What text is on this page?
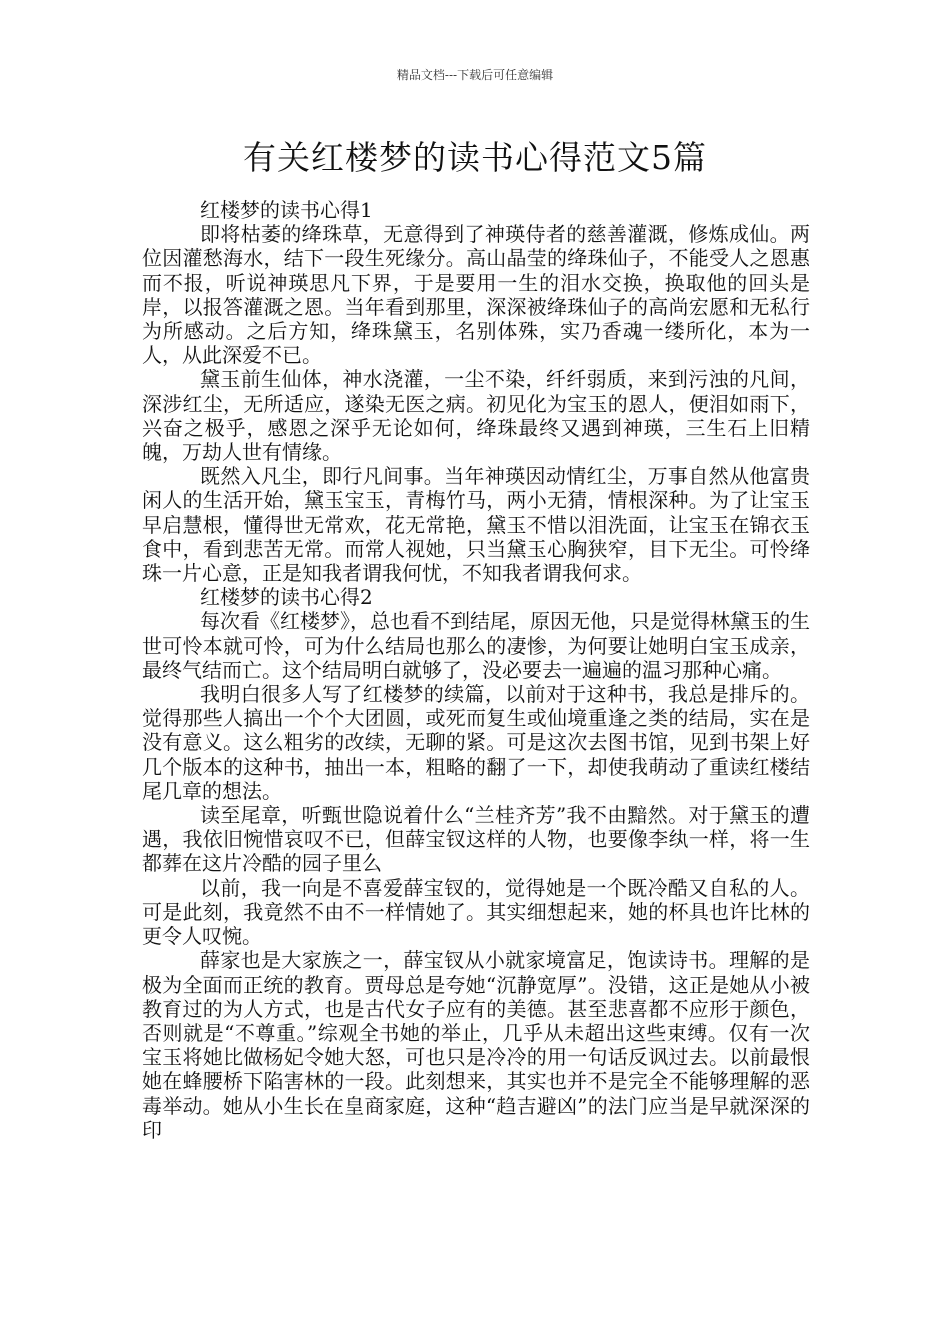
精品文档---下载后可任意编辑
有关红楼梦的读书心得范文5篇

红楼梦的读书心得1

即将枯萎的绛珠草，无意得到了神瑛侍者的慈善灌溉，修炼成仙。两位因灌愁海水，结下一段生死缘分。高山晶莹的绛珠仙子，不能受人之恩惠而不报，听说神瑛思凡下界，于是要用一生的泪水交换，换取他的回头是岸，以报答灌溉之恩。当年看到那里，深深被绛珠仙子的高尚宏愿和无私行为所感动。之后方知，绛珠黛玉，名别体殊，实乃香魂一缕所化，本为一人，从此深爱不已。

黛玉前生仙体，神水浇灌，一尘不染，纤纤弱质，来到污浊的凡间，深涉红尘，无所适应，遂染无医之病。初见化为宝玉的恩人，便泪如雨下，兴奋之极乎，感恩之深乎无论如何，绛珠最终又遇到神瑛，三生石上旧精魄，万劫人世有情缘。

既然入凡尘，即行凡间事。当年神瑛因动情红尘，万事自然从他富贵闲人的生活开始，黛玉宝玉，青梅竹马，两小无猜，情根深种。为了让宝玉早启慧根，懂得世无常欢，花无常艳，黛玉不惜以泪洗面，让宝玉在锦衣玉食中，看到悲苦无常。而常人视她，只当黛玉心胸狭窄，目下无尘。可怜绛珠一片心意，正是知我者谓我何忧，不知我者谓我何求。

红楼梦的读书心得2

每次看《红楼梦》，总也看不到结尾，原因无他，只是觉得林黛玉的生世可怜本就可怜，可为什么结局也那么的凄惨，为何要让她明白宝玉成亲，最终气结而亡。这个结局明白就够了，没必要去一遍遍的温习那种心痛。

我明白很多人写了红楼梦的续篇，以前对于这种书，我总是排斥的。觉得那些人搞出一个个大团圆，或死而复生或仙境重逢之类的结局，实在是没有意义。这么粗劣的改续，无聊的紧。可是这次去图书馆，见到书架上好几个版本的这种书，抽出一本，粗略的翻了一下，却使我萌动了重读红楼结尾几章的想法。

读至尾章，听甄世隐说着什么“兰桂齐芳”我不由黯然。对于黛玉的遭遇，我依旧惋惜哀叹不已，但薛宝钗这样的人物，也要像李纨一样，将一生都葬在这片冷酷的园子里么

以前，我一向是不喜爱薛宝钗的，觉得她是一个既冷酷又自私的人。可是此刻，我竟然不由不一样情她了。其实细想起来，她的杯具也许比林的更令人叹惋。

薛家也是大家族之一，薛宝钗从小就家境富足，饱读诗书。理解的是极为全面而正统的教育。贾母总是夸她“沉静宽厚”。没错，这正是她从小被教育过的为人方式，也是古代女子应有的美德。甚至悲喜都不应形于颜色，否则就是“不尊重。”综观全书她的举止，几乎从未超出这些束缚。仅有一次宝玉将她比做杨妃令她大怒，可也只是冷冷的用一句话反讽过去。以前最恨她在蜂腰桥下陷害林的一段。此刻想来，其实也并不是完全不能够理解的恶毒举动。她从小生长在皇商家庭，这种“趋吉避凶”的法门应当是早就深深的印
